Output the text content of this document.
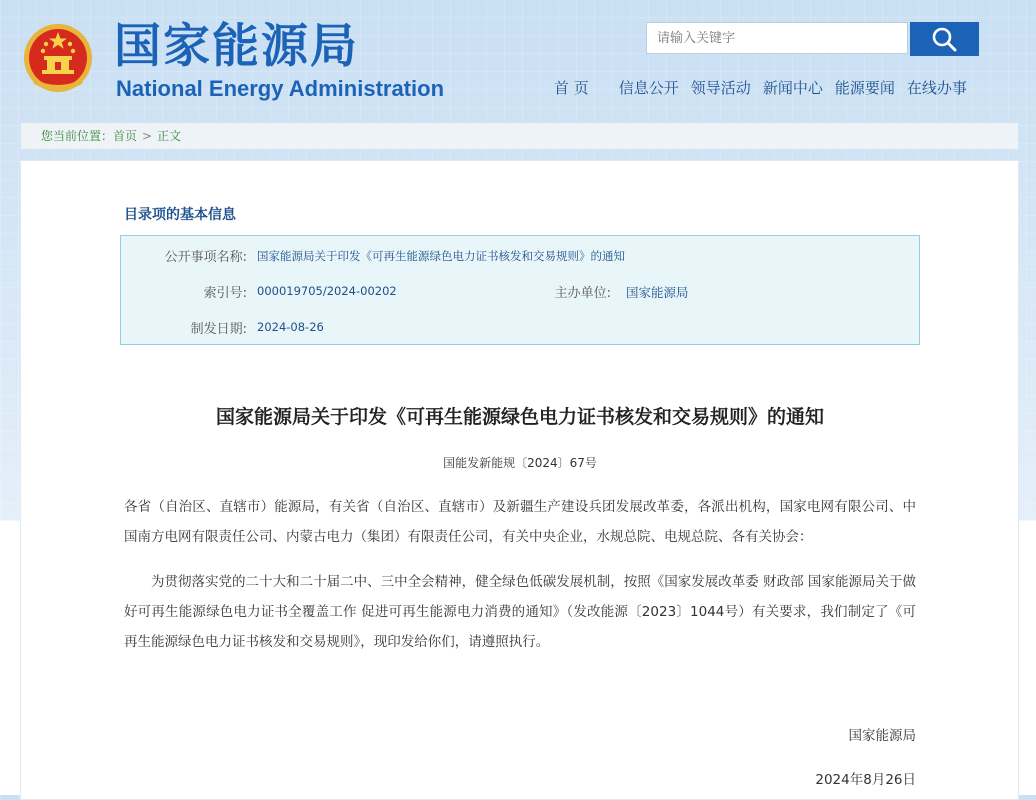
国家能源局
National Energy Administration
请输入关键字	首 页	信息公开 领导活动 新闻中心 能源要闻 在线办事
您当前位置：首页 > 正文
目录项的基本信息
公开事项名称: 国家能源局关于印发《可再生能源绿色电力证书核发和交易规则》的通知
索引号: 000019705/2024-00202	主办单位: 国家能源局
制发日期: 2024-08-26
国家能源局关于印发《可再生能源绿色电力证书核发和交易规则》的通知
国能发新能规〔2024〕67号
各省（自治区、直辖市）能源局，有关省（自治区、直辖市）及新疆生产建设兵团发展改革委，各派出机构，国家电网有限公司、中国南方电网有限责任公司、内蒙古电力（集团）有限责任公司，有关中央企业，水规总院、电规总院、各有关协会：
为贯彻落实党的二十大和二十届二中、三中全会精神，健全绿色低碳发展机制，按照《国家发展改革委 财政部 国家能源局关于做好可再生能源绿色电力证书全覆盖工作 促进可再生能源电力消费的通知》（发改能源〔2023〕1044号）有关要求，我们制定了《可再生能源绿色电力证书核发和交易规则》，现印发给你们，请遵照执行。
国家能源局
2024年8月26日
